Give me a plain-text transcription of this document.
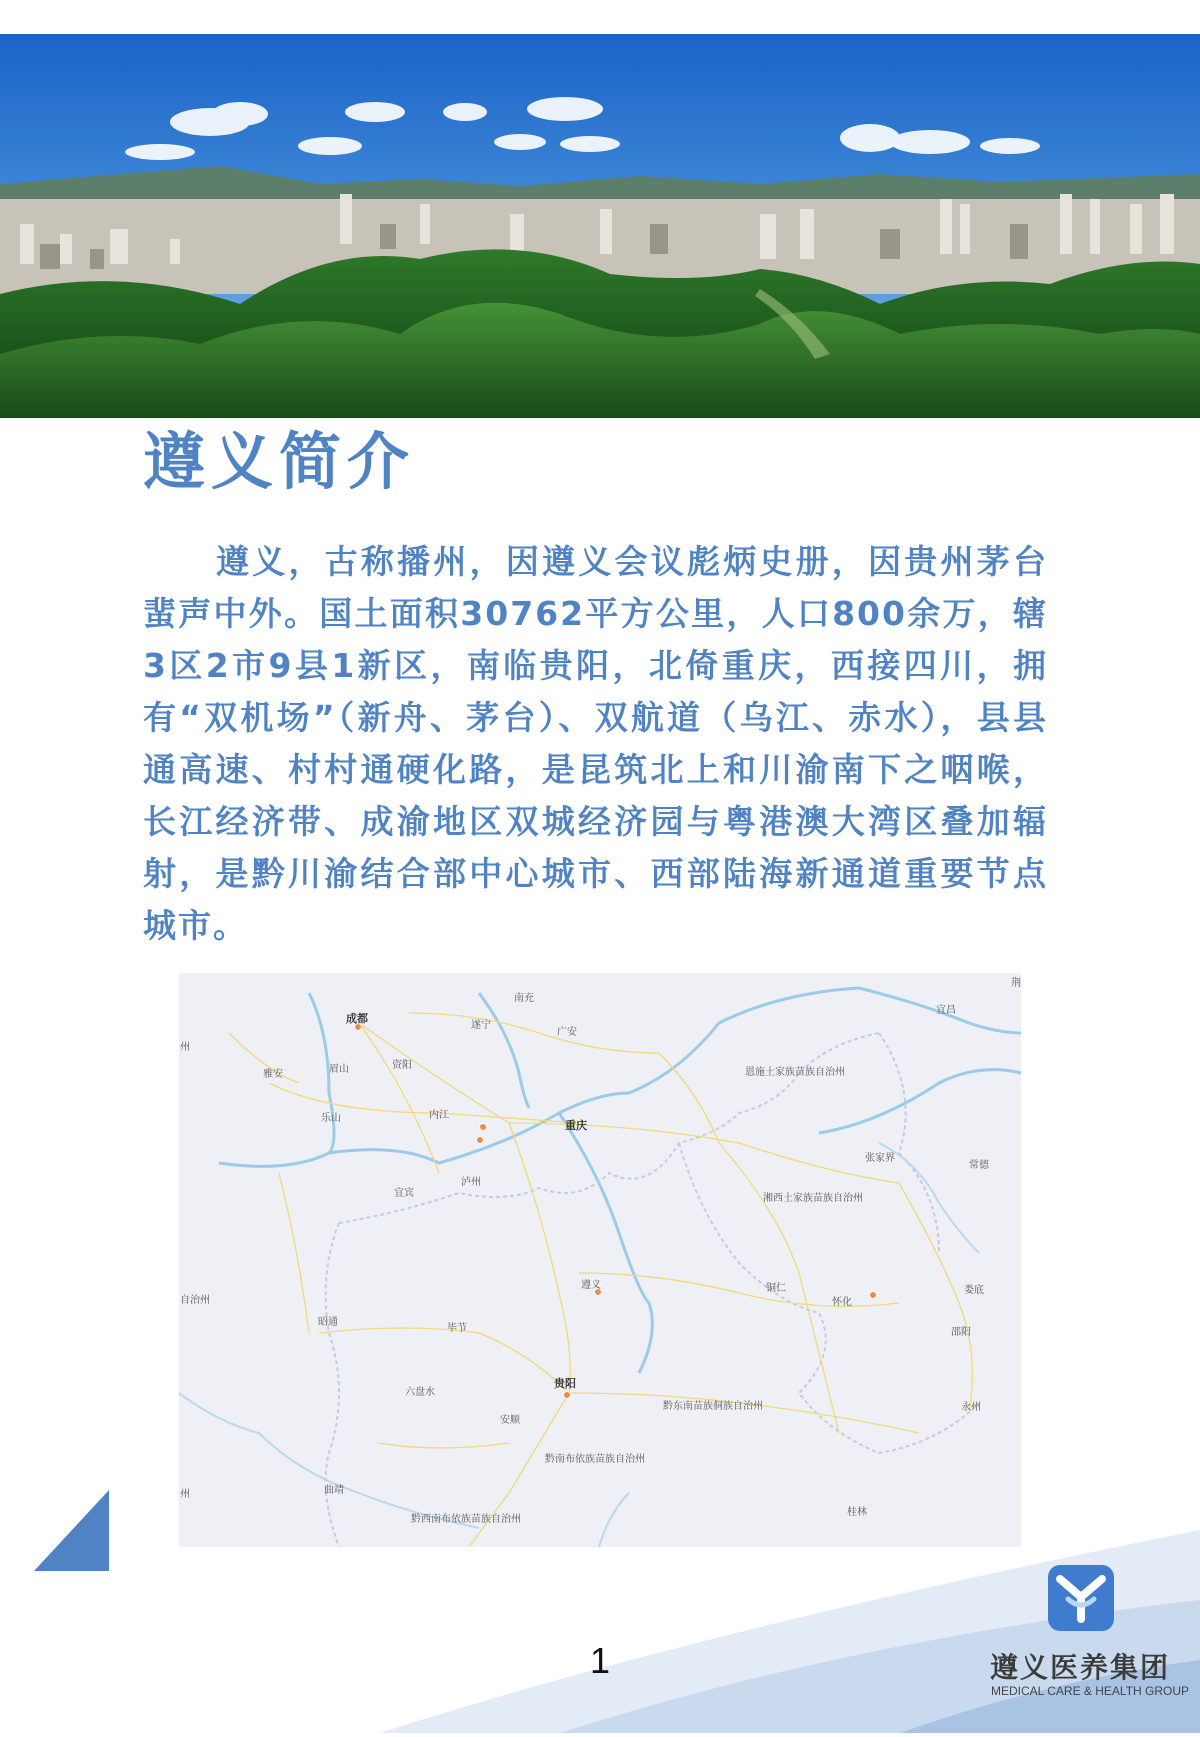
遵义简介
遵义，古称播州，因遵义会议彪炳史册，因贵州茅台蜚声中外。国土面积30762平方公里，人口800余万，辖3区2市9县1新区，南临贵阳，北倚重庆，西接四川，拥有“双机场”（新舟、茅台）、双航道（乌江、赤水），县县通高速、村村通硬化路，是昆筑北上和川渝南下之咽喉，长江经济带、成渝地区双城经济园与粤港澳大湾区叠加辐射，是黔川渝结合部中心城市、西部陆海新通道重要节点城市。
成都
遂宁
南充
广安
眉山	资阳
雅安
乐山	内江
重庆
宜宾
泸州
遵义
毕节
昭通
贵阳
六盘水
安顺
曲靖
铜仁
怀化
张家界
常德
宜昌
恩施土家族苗族自治州
湘西土家族苗族自治州
黔东南苗族侗族自治州
黔南布依族苗族自治州
黔西南布依族苗族自治州
娄底
邵阳
永州
桂林
州
自治州
州
荆
1	遵义医养集团
MEDICAL CARE & HEALTH GROUP
